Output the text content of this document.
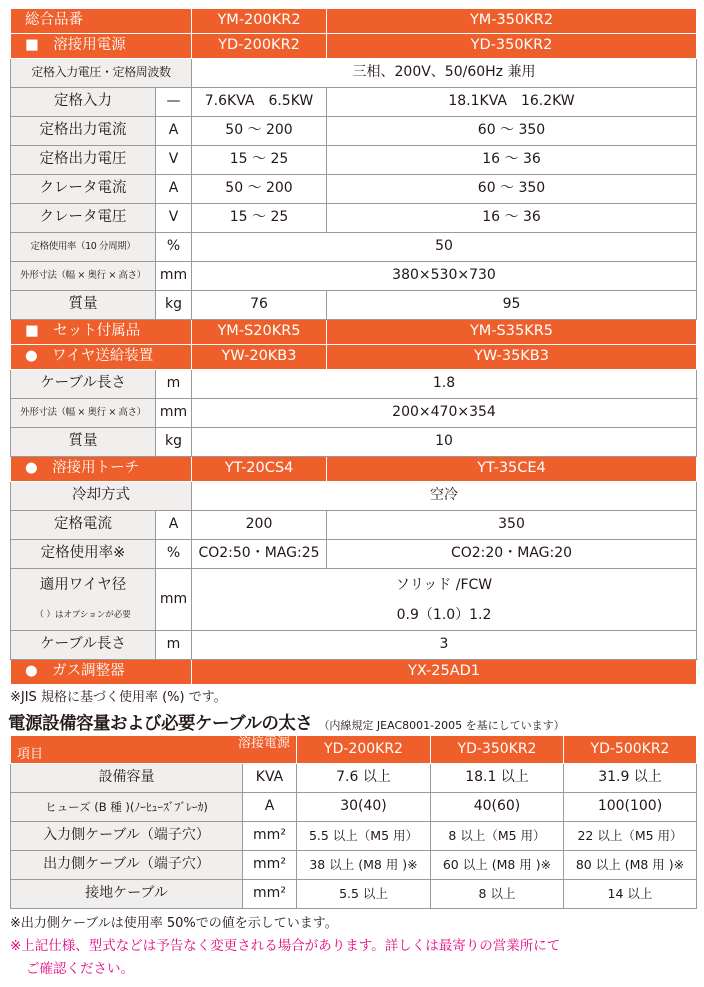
総合品番		YM-200KR2	YM-350KR2	
■　溶接用電源		YD-200KR2	YD-350KR2	
定格入力電圧・定格周波数		三相、200V、50/60Hz 兼用		
定格入力	—	7.6KVA　6.5KW	18.1KVA　16.2KW	
定格出力電流	A	50 〜 200	60 〜 350	
定格出力電圧	V	15 〜 25	16 〜 36	
クレータ電流	A	50 〜 200	60 〜 350	
クレータ電圧	V	15 〜 25	16 〜 36	
定格使用率（10 分周期）	%	50	
外形寸法（幅 × 奥行 × 高さ）	mm	380×530×730	
質量	kg	76	95	
■　セット付属品		YM-S20KR5	YM-S35KR5	
●　ワイヤ送給装置		YW-20KB3	YW-35KB3	
ケーブル長さ	m	1.8		
外形寸法（幅 × 奥行 × 高さ）	mm	200×470×354		
質量	kg	10	
●　溶接用トーチ		YT-20CS4	YT-35CE4	
冷却方式		空冷		
定格電流	A	200	350	
定格使用率※	%	CO2:50・MAG:25	CO2:20・MAG:20	

適用ワイヤ径
（ ）はオプションが必要	mm	ソリッド /FCW
0.9（1.0）1.2

ケーブル長さ	m	3		
●　ガス調整器		YX-25AD1		
※JIS 規格に基づく使用率 (%) です。
電源設備容量および必要ケーブルの太さ （内線規定 JEAC8001-2005 を基にしています）
項目
溶接電源		YD-200KR2	YD-350KR2	YD-500KR2
設備容量	KVA	7.6 以上	18.1 以上	31.9 以上
ヒューズ (B 種 )(ﾉｰﾋｭｰｽﾞﾌﾞﾚｰｶ)	A	30(40)	40(60)	100(100)
入力側ケーブル（端子穴）	mm²	5.5 以上（M5 用）	8 以上（M5 用）	22 以上（M5 用）
出力側ケーブル（端子穴）	mm²	38 以上 (M8 用 )※	60 以上 (M8 用 )※	80 以上 (M8 用 )※
接地ケーブル	mm²	5.5 以上	8 以上	14 以上
※出力側ケーブルは使用率 50%での値を示しています。
※上記仕様、型式などは予告なく変更される場合があります。詳しくは最寄りの営業所にて
ご確認ください。
